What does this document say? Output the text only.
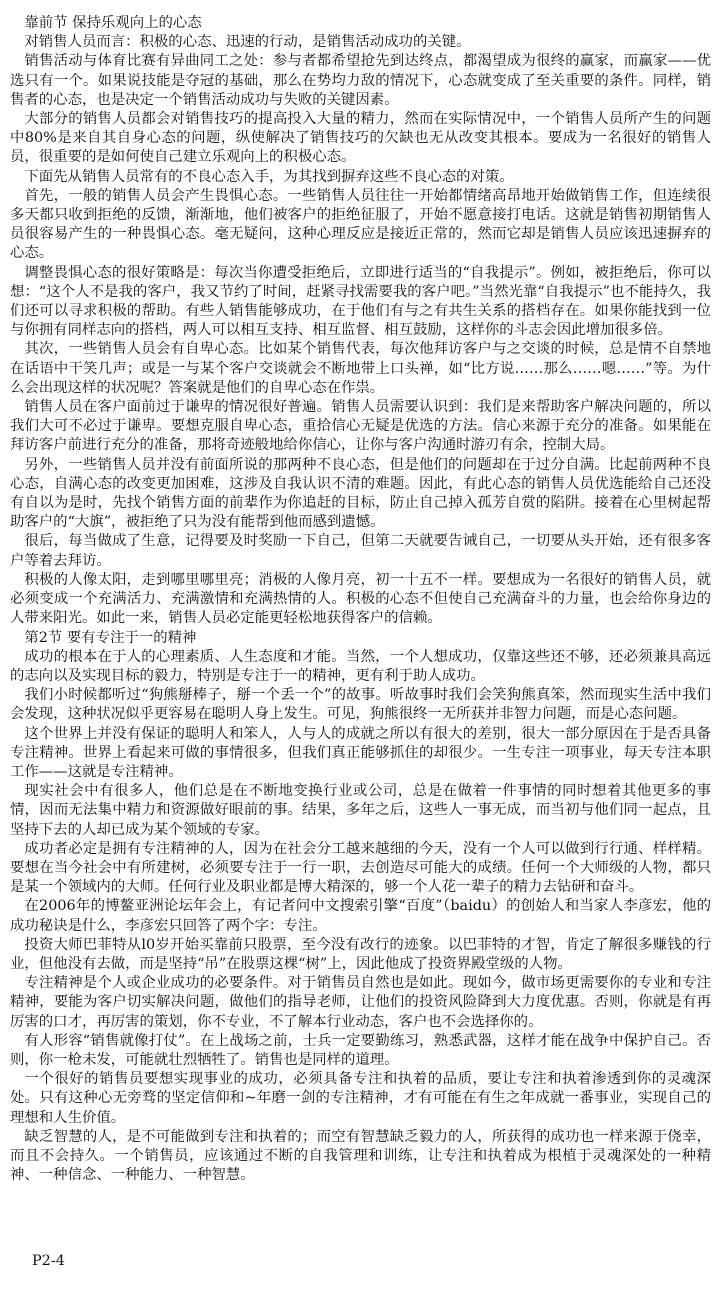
靠前节 保持乐观向上的心态

对销售人员而言：积极的心态、迅速的行动，是销售活动成功的关键。

销售活动与体育比赛有异曲同工之处：参与者都希望抢先到达终点，都渴望成为很终的赢家，而赢家——优选只有一个。如果说技能是夺冠的基础，那么在势均力敌的情况下，心态就变成了至关重要的条件。同样，销售者的心态，也是决定一个销售活动成功与失败的关键因素。

大部分的销售人员都会对销售技巧的提高投入大量的精力，然而在实际情况中，一个销售人员所产生的问题中80%是来自其自身心态的问题，纵使解决了销售技巧的欠缺也无从改变其根本。要成为一名很好的销售人员，很重要的是如何使自己建立乐观向上的积极心态。

下面先从销售人员常有的不良心态入手，为其找到摒弃这些不良心态的对策。

首先，一般的销售人员会产生畏惧心态。一些销售人员往往一开始都情绪高昂地开始做销售工作，但连续很多天都只收到拒绝的反馈，渐渐地，他们被客户的拒绝征服了，开始不愿意接打电话。这就是销售初期销售人员很容易产生的一种畏惧心态。毫无疑问，这种心理反应是接近正常的，然而它却是销售人员应该迅速摒弃的心态。

调整畏惧心态的很好策略是：每次当你遭受拒绝后，立即进行适当的“自我提示”。例如，被拒绝后，你可以想：“这个人不是我的客户，我又节约了时间，赶紧寻找需要我的客户吧。”当然光靠“自我提示”也不能持久，我们还可以寻求积极的帮助。有些人销售能够成功，在于他们有与之有共生关系的搭档存在。如果你能找到一位与你拥有同样志向的搭档，两人可以相互支持、相互监督、相互鼓励，这样你的斗志会因此增加很多倍。

其次，一些销售人员会有自卑心态。比如某个销售代表，每次他拜访客户与之交谈的时候，总是情不自禁地在话语中干笑几声；或是一与某个客户交谈就会不断地带上口头禅，如“比方说……那么……嗯……”等。为什么会出现这样的状况呢？答案就是他们的自卑心态在作祟。

销售人员在客户面前过于谦卑的情况很好普遍。销售人员需要认识到：我们是来帮助客户解决问题的，所以我们大可不必过于谦卑。要想克服自卑心态，重拾信心无疑是优选的方法。信心来源于充分的准备。如果能在拜访客户前进行充分的准备，那将奇迹般地给你信心，让你与客户沟通时游刃有余，控制大局。

另外，一些销售人员并没有前面所说的那两种不良心态，但是他们的问题却在于过分自满。比起前两种不良心态，自满心态的改变更加困难，这涉及自我认识不清的难题。因此，有此心态的销售人员优选能给自己还没有自以为是时，先找个销售方面的前辈作为你追赶的目标，防止自己掉入孤芳自赏的陷阱。接着在心里树起帮助客户的“大旗”，被拒绝了只为没有能帮到他而感到遗憾。

很后，每当做成了生意，记得要及时奖励一下自己，但第二天就要告诫自己，一切要从头开始，还有很多客户等着去拜访。

积极的人像太阳，走到哪里哪里亮；消极的人像月亮，初一十五不一样。要想成为一名很好的销售人员，就必须变成一个充满活力、充满激情和充满热情的人。积极的心态不但使自己充满奋斗的力量，也会给你身边的人带来阳光。如此一来，销售人员必定能更轻松地获得客户的信赖。

第2节 要有专注于一的精神

成功的根本在于人的心理素质、人生态度和才能。当然，一个人想成功，仅靠这些还不够，还必须兼具高远的志向以及实现目标的毅力，特别是专注于一的精神，更有利于助人成功。

我们小时候都听过“狗熊掰棒子，掰一个丢一个”的故事。听故事时我们会笑狗熊真笨，然而现实生活中我们会发现，这种状况似乎更容易在聪明人身上发生。可见，狗熊很终一无所获并非智力问题，而是心态问题。

这个世界上并没有保证的聪明人和笨人，人与人的成就之所以有很大的差别，很大一部分原因在于是否具备专注精神。世界上看起来可做的事情很多，但我们真正能够抓住的却很少。一生专注一项事业，每天专注本职工作——这就是专注精神。

现实社会中有很多人，他们总是在不断地变换行业或公司，总是在做着一件事情的同时想着其他更多的事情，因而无法集中精力和资源做好眼前的事。结果，多年之后，这些人一事无成，而当初与他们同一起点，且坚持下去的人却已成为某个领域的专家。

成功者必定是拥有专注精神的人，因为在社会分工越来越细的今天，没有一个人可以做到行行通、样样精。要想在当今社会中有所建树，必须要专注于一行一职，去创造尽可能大的成绩。任何一个大师级的人物，都只是某一个领域内的大师。任何行业及职业都是博大精深的，够一个人花一辈子的精力去钻研和奋斗。

在2006年的博鳌亚洲论坛年会上，有记者问中文搜索引擎“百度”（baidu）的创始人和当家人李彦宏，他的成功秘诀是什么，李彦宏只回答了两个字：专注。

投资大师巴菲特从l0岁开始买靠前只股票，至今没有改行的迹象。以巴菲特的才智，肯定了解很多赚钱的行业，但他没有去做，而是坚持“吊”在股票这棵“树”上，因此他成了投资界殿堂级的人物。

专注精神是个人或企业成功的必要条件。对于销售员自然也是如此。现如今，做市场更需要你的专业和专注精神，要能为客户切实解决问题，做他们的指导老师，让他们的投资风险降到大力度优惠。否则，你就是有再厉害的口才，再厉害的策划，你不专业，不了解本行业动态，客户也不会选择你的。

有人形容“销售就像打仗”。在上战场之前，士兵一定要勤练习，熟悉武器，这样才能在战争中保护自己。否则，你一枪未发，可能就壮烈牺牲了。销售也是同样的道理。

一个很好的销售员要想实现事业的成功，必须具备专注和执着的品质，要让专注和执着渗透到你的灵魂深处。只有这种心无旁骛的坚定信仰和~年磨一剑的专注精神，才有可能在有生之年成就一番事业，实现自己的理想和人生价值。

缺乏智慧的人，是不可能做到专注和执着的；而空有智慧缺乏毅力的人，所获得的成功也一样来源于侥幸，而且不会持久。一个销售员，应该通过不断的自我管理和训练，让专注和执着成为根植于灵魂深处的一种精神、一种信念、一种能力、一种智慧。

P2-4
